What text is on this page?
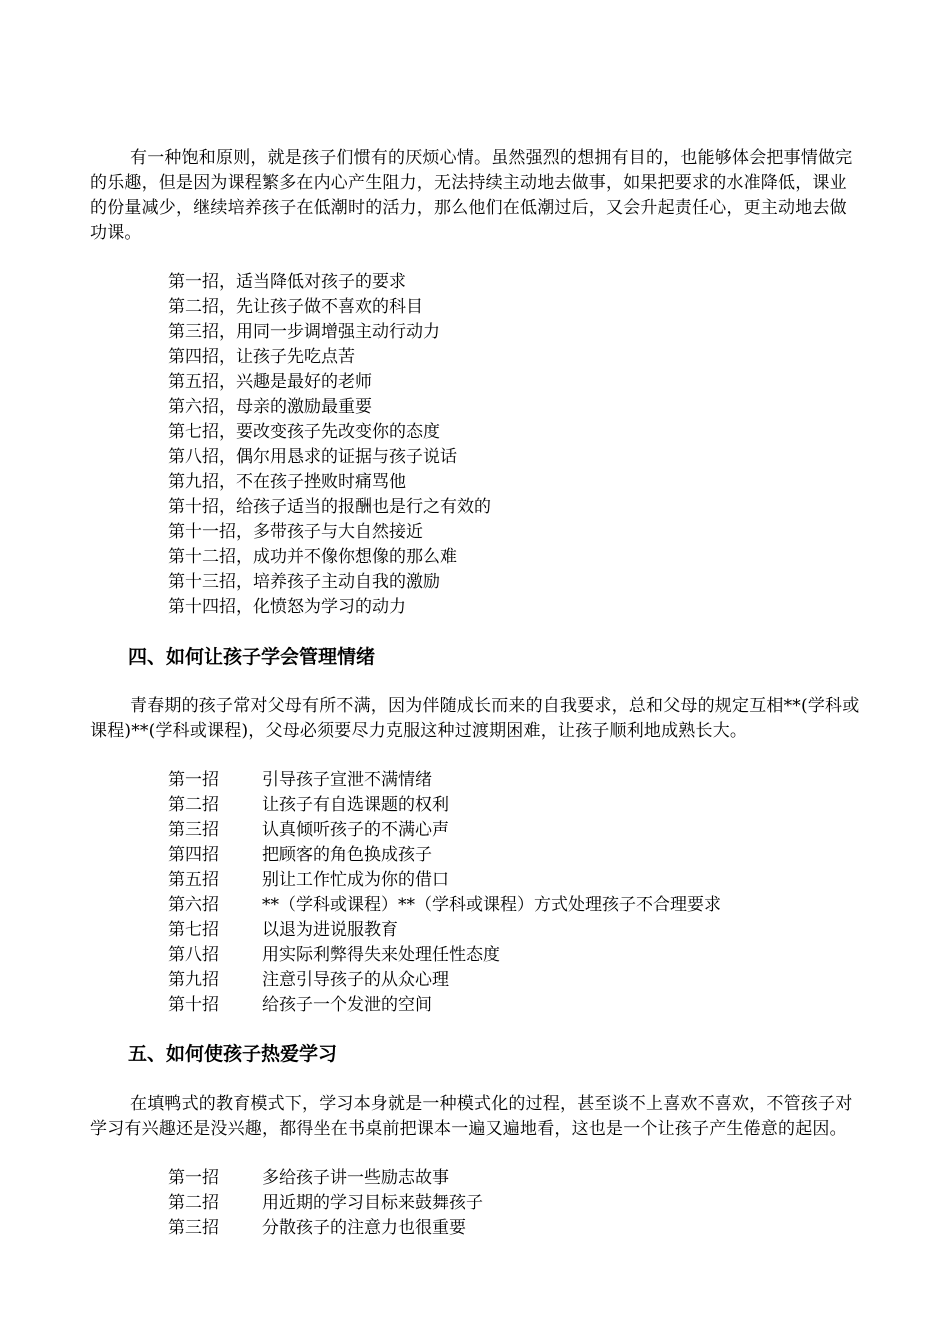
有一种饱和原则，就是孩子们惯有的厌烦心情。虽然强烈的想拥有目的，也能够体会把事情做完的乐趣，但是因为课程繁多在内心产生阻力，无法持续主动地去做事，如果把要求的水准降低，课业的份量减少，继续培养孩子在低潮时的活力，那么他们在低潮过后，又会升起责任心，更主动地去做功课。

第一招，适当降低对孩子的要求
第二招，先让孩子做不喜欢的科目
第三招，用同一步调增强主动行动力
第四招，让孩子先吃点苦
第五招，兴趣是最好的老师
第六招，母亲的激励最重要
第七招，要改变孩子先改变你的态度
第八招，偶尔用恳求的证据与孩子说话
第九招，不在孩子挫败时痛骂他
第十招，给孩子适当的报酬也是行之有效的
第十一招，多带孩子与大自然接近
第十二招，成功并不像你想像的那么难
第十三招，培养孩子主动自我的激励
第十四招，化愤怒为学习的动力
四、如何让孩子学会管理情绪

青春期的孩子常对父母有所不满，因为伴随成长而来的自我要求，总和父母的规定互相**(学科或课程)**(学科或课程)，父母必须要尽力克服这种过渡期困难，让孩子顺利地成熟长大。

第一招	引导孩子宣泄不满情绪
第二招	让孩子有自选课题的权利
第三招	认真倾听孩子的不满心声
第四招	把顾客的角色换成孩子
第五招	别让工作忙成为你的借口
第六招	**（学科或课程）**（学科或课程）方式处理孩子不合理要求
第七招	以退为进说服教育
第八招	用实际利弊得失来处理任性态度
第九招	注意引导孩子的从众心理
第十招	给孩子一个发泄的空间
五、如何使孩子热爱学习

在填鸭式的教育模式下，学习本身就是一种模式化的过程，甚至谈不上喜欢不喜欢，不管孩子对学习有兴趣还是没兴趣，都得坐在书桌前把课本一遍又遍地看，这也是一个让孩子产生倦意的起因。

第一招	多给孩子讲一些励志故事
第二招	用近期的学习目标来鼓舞孩子
第三招	分散孩子的注意力也很重要
